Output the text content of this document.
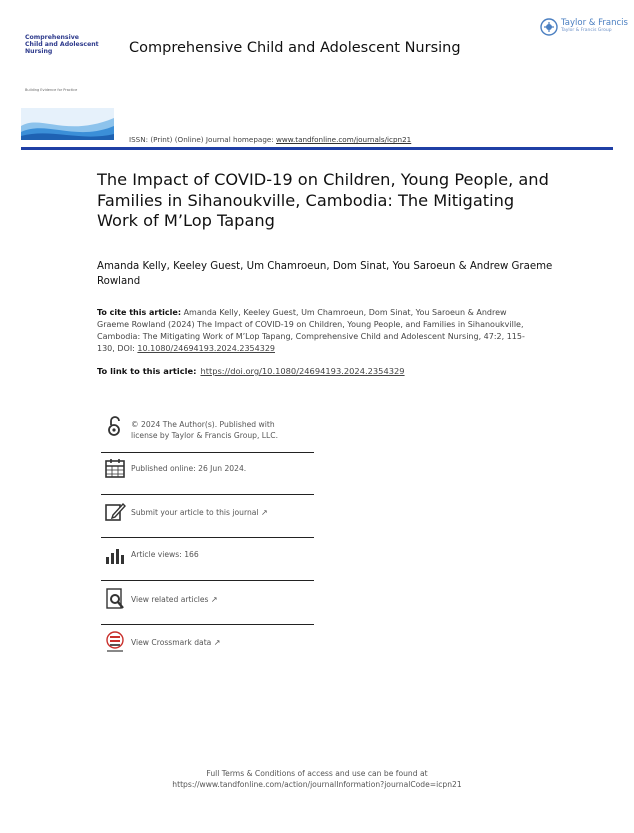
Comprehensive
Child and Adolescent
Nursing
Building Evidence for Practice
Comprehensive Child and Adolescent Nursing
Taylor & Francis
Taylor & Francis Group
ISSN: (Print) (Online) Journal homepage: www.tandfonline.com/journals/icpn21
The Impact of COVID-19 on Children, Young People, and Families in Sihanoukville, Cambodia: The Mitigating Work of M’Lop Tapang
Amanda Kelly, Keeley Guest, Um Chamroeun, Dom Sinat, You Saroeun & Andrew Graeme Rowland
To cite this article: Amanda Kelly, Keeley Guest, Um Chamroeun, Dom Sinat, You Saroeun & Andrew Graeme Rowland (2024) The Impact of COVID-19 on Children, Young People, and Families in Sihanoukville, Cambodia: The Mitigating Work of M’Lop Tapang, Comprehensive Child and Adolescent Nursing, 47:2, 115-130, DOI: 10.1080/24694193.2024.2354329
To link to this article: https://doi.org/10.1080/24694193.2024.2354329
© 2024 The Author(s). Published with
license by Taylor & Francis Group, LLC.
Published online: 26 Jun 2024.
Submit your article to this journal ↗︎
Article views: 166
View related articles ↗︎
View Crossmark data ↗︎
Full Terms & Conditions of access and use can be found at
https://www.tandfonline.com/action/journalInformation?journalCode=icpn21
